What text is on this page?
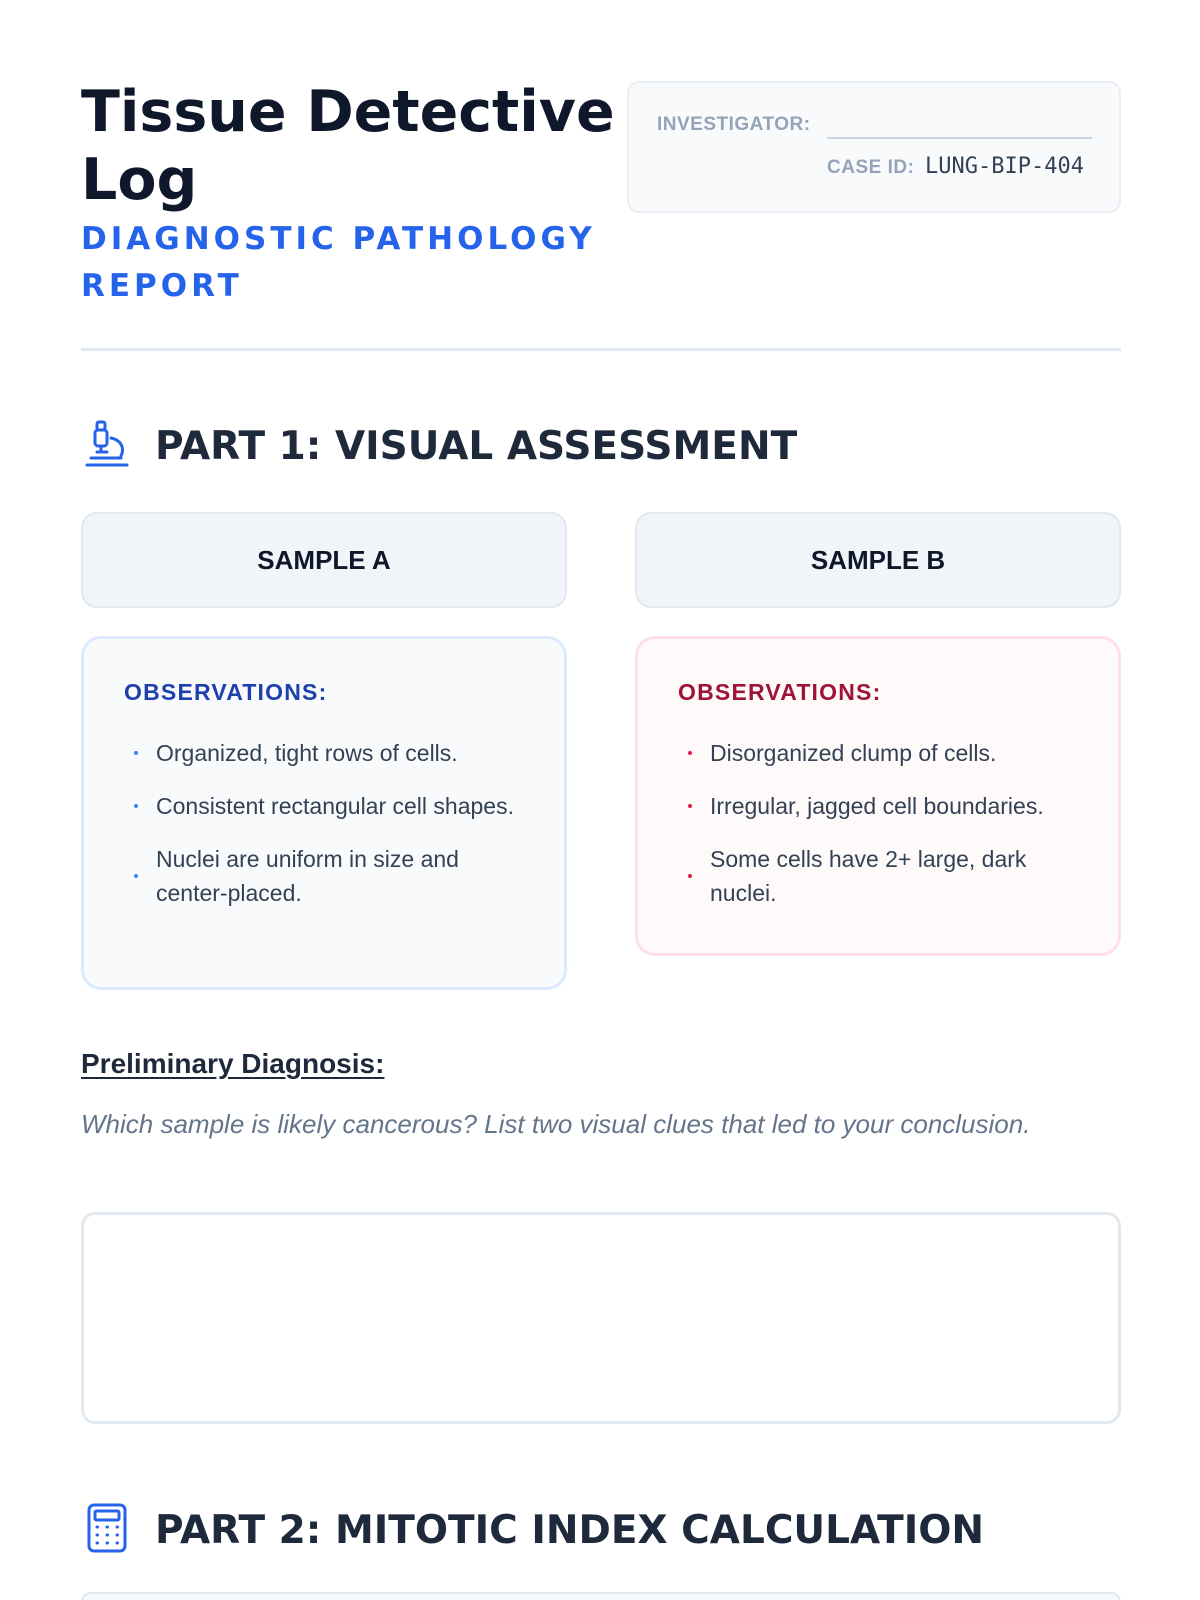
Tissue Detective Log
DIAGNOSTIC PATHOLOGY REPORT
INVESTIGATOR:
CASE ID: LUNG-BIP-404
PART 1: VISUAL ASSESSMENT
SAMPLE A	SAMPLE B
OBSERVATIONS:
Organized, tight rows of cells.
Consistent rectangular cell shapes.
Nuclei are uniform in size and center-placed.
OBSERVATIONS:
Disorganized clump of cells.
Irregular, jagged cell boundaries.
Some cells have 2+ large, dark nuclei.
Preliminary Diagnosis:

Which sample is likely cancerous? List two visual clues that led to your conclusion.

PART 2: MITOTIC INDEX CALCULATION
